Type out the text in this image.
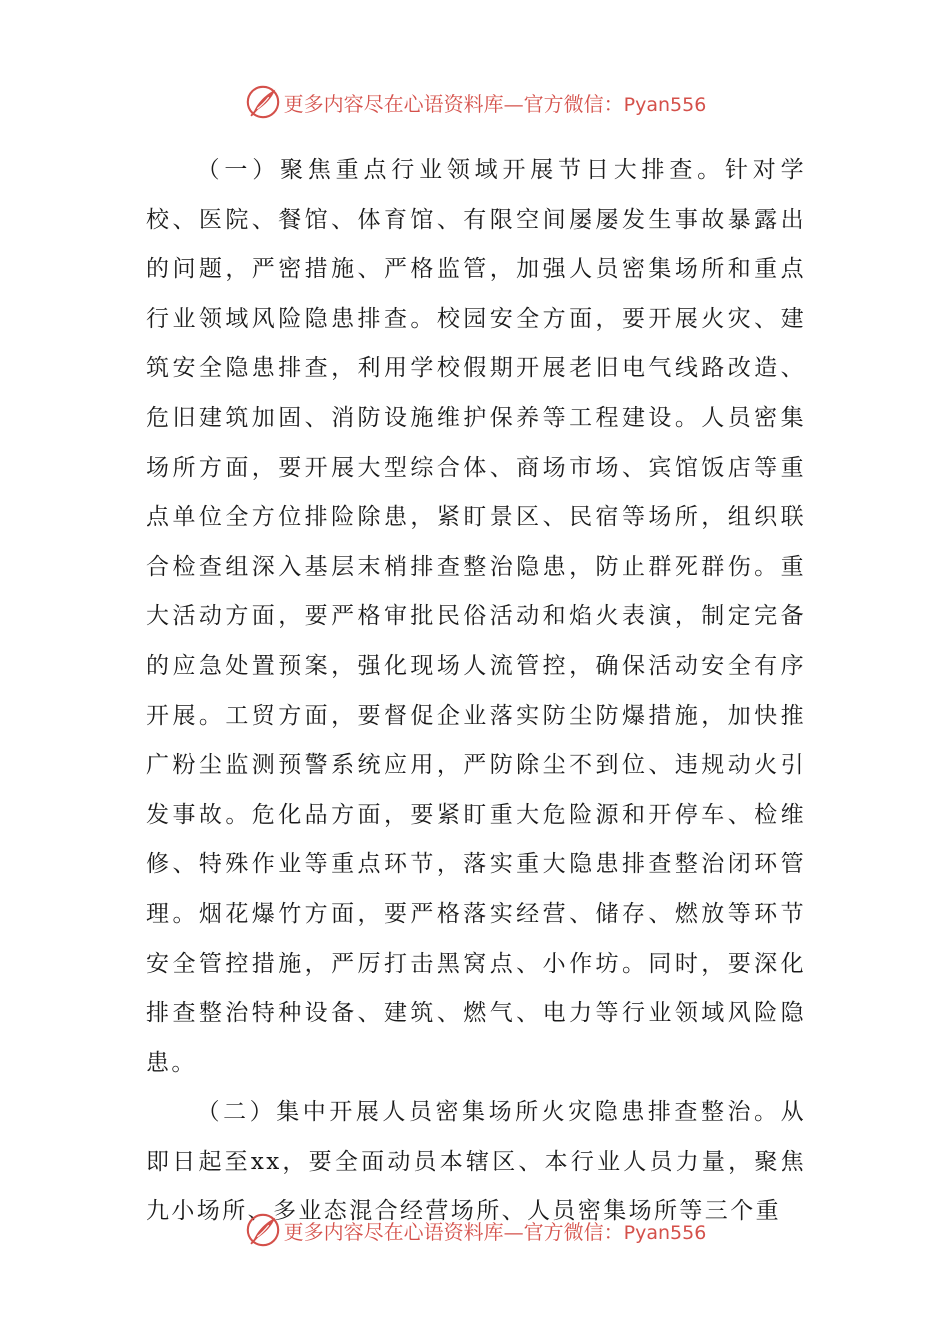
更多内容尽在心语资料库—官方微信：Pyan556

（一）聚焦重点行业领域开展节日大排查。针对学校、医院、餐馆、体育馆、有限空间屡屡发生事故暴露出的问题，严密措施、严格监管，加强人员密集场所和重点行业领域风险隐患排查。校园安全方面，要开展火灾、建筑安全隐患排查，利用学校假期开展老旧电气线路改造、危旧建筑加固、消防设施维护保养等工程建设。人员密集场所方面，要开展大型综合体、商场市场、宾馆饭店等重点单位全方位排险除患，紧盯景区、民宿等场所，组织联合检查组深入基层末梢排查整治隐患，防止群死群伤。重大活动方面，要严格审批民俗活动和焰火表演，制定完备的应急处置预案，强化现场人流管控，确保活动安全有序开展。工贸方面，要督促企业落实防尘防爆措施，加快推广粉尘监测预警系统应用，严防除尘不到位、违规动火引发事故。危化品方面，要紧盯重大危险源和开停车、检维修、特殊作业等重点环节，落实重大隐患排查整治闭环管理。烟花爆竹方面，要严格落实经营、储存、燃放等环节安全管控措施，严厉打击黑窝点、小作坊。同时，要深化排查整治特种设备、建筑、燃气、电力等行业领域风险隐患。

（二）集中开展人员密集场所火灾隐患排查整治。从即日起至xx，要全面动员本辖区、本行业人员力量，聚焦九小场所、多业态混合经营场所、人员密集场所等三个重

更多内容尽在心语资料库—官方微信：Pyan556
